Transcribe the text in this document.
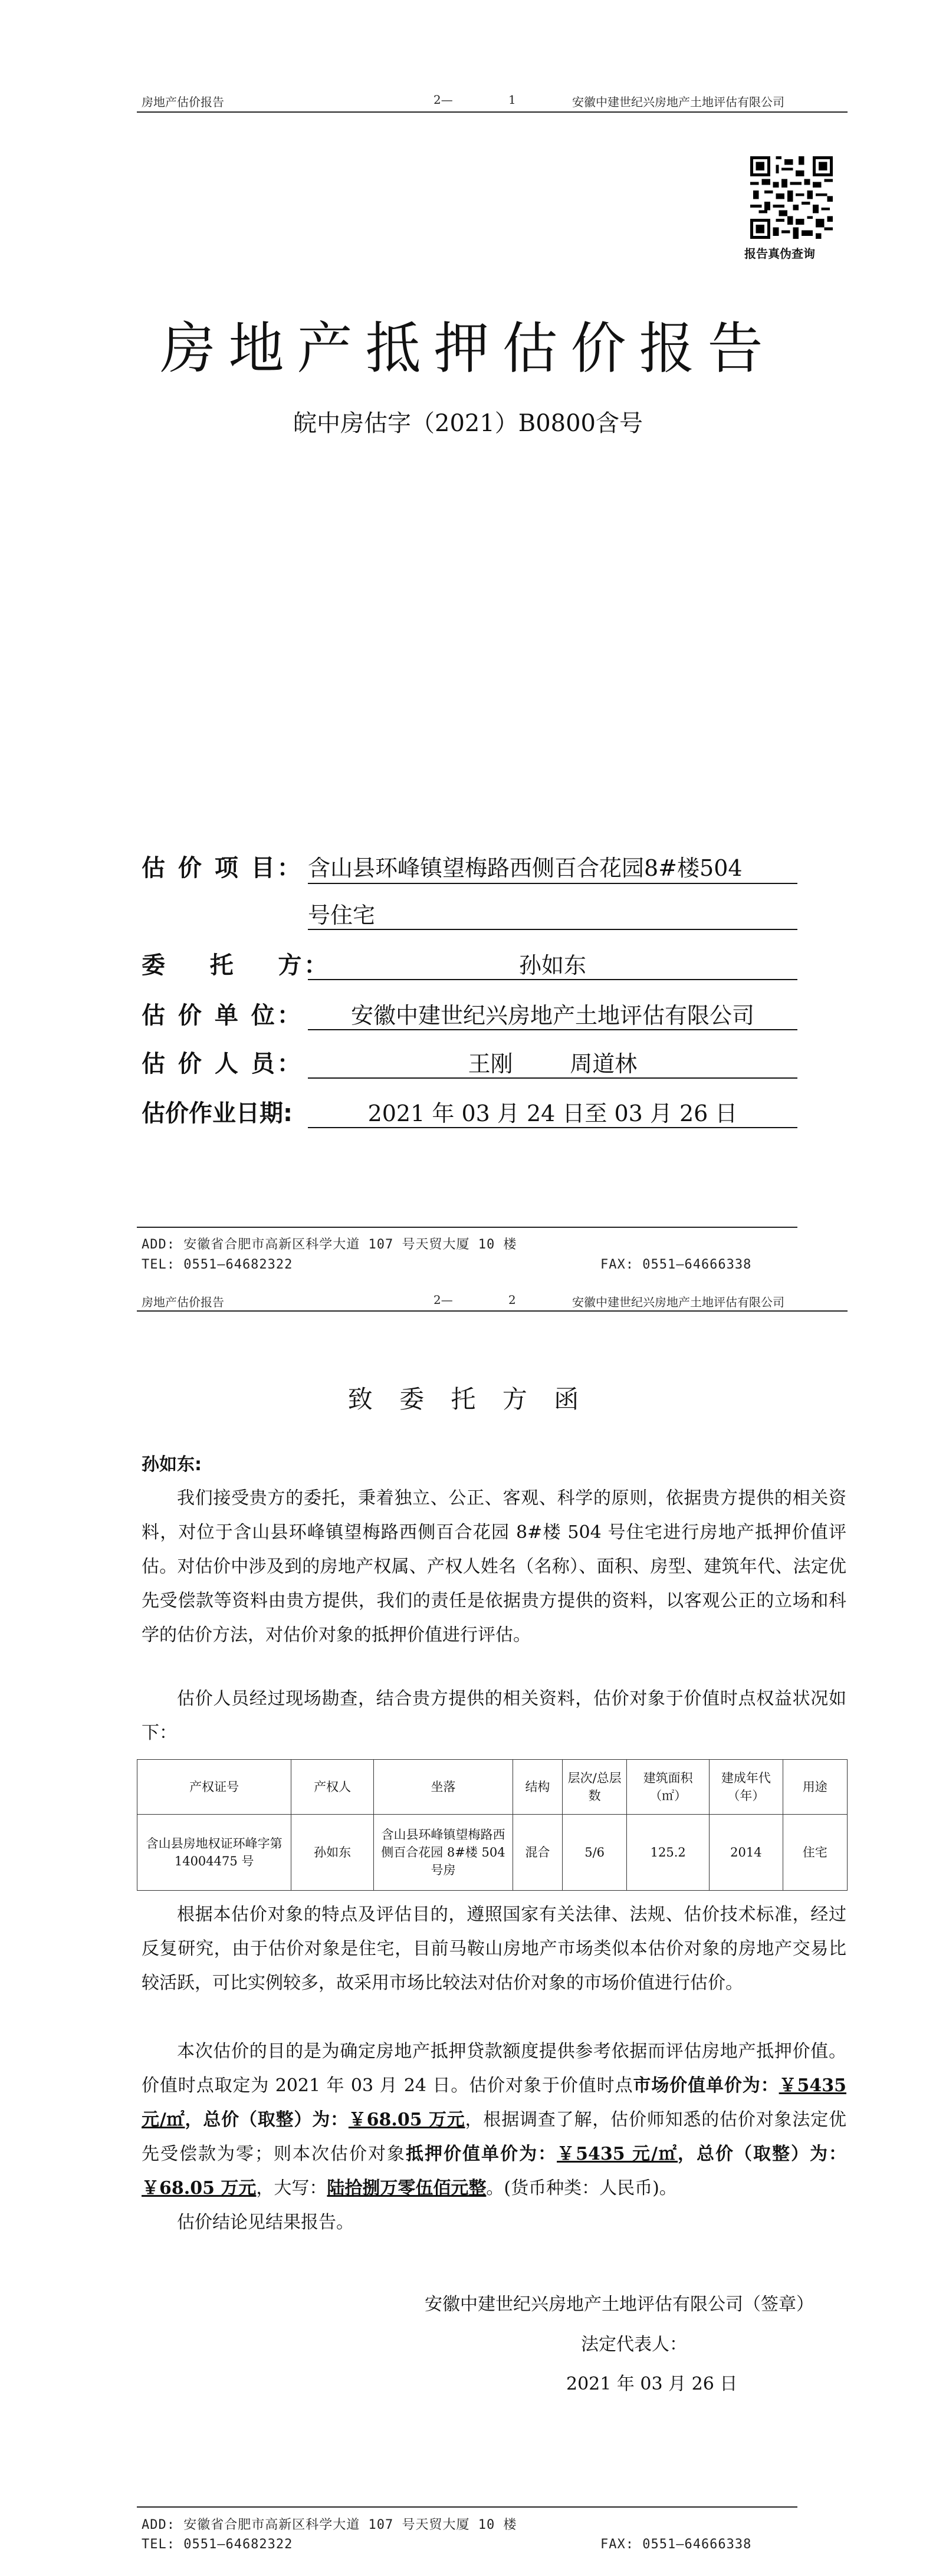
房地产估价报告	2—	1	安徽中建世纪兴房地产土地评估有限公司
报告真伪查询
房地产抵押估价报告
皖中房估字（2021）B0800含号
估 价 项 目： 含山县环峰镇望梅路西侧百合花园8#楼504
号住宅
委    托    方：	孙如东
估 价 单 位：	安徽中建世纪兴房地产土地评估有限公司
估 价 人 员：	王刚        周道林
估价作业日期:	2021 年 03 月 24 日至 03 月 26 日
ADD: 安徽省合肥市高新区科学大道 107 号天贸大厦 10 楼
TEL: 0551—64682322	FAX: 0551—64666338
房地产估价报告	2—	2	安徽中建世纪兴房地产土地评估有限公司
致 委 托 方 函
孙如东:

我们接受贵方的委托，秉着独立、公正、客观、科学的原则，依据贵方提供的相关资料，对位于含山县环峰镇望梅路西侧百合花园 8#楼 504 号住宅进行房地产抵押价值评估。对估价中涉及到的房地产权属、产权人姓名（名称）、面积、房型、建筑年代、法定优先受偿款等资料由贵方提供，我们的责任是依据贵方提供的资料，以客观公正的立场和科学的估价方法，对估价对象的抵押价值进行评估。

估价人员经过现场勘查，结合贵方提供的相关资料，估价对象于价值时点权益状况如下：

产权证号	产权人	坐落	结构	层次/总层数	建筑面积（㎡）	建成年代（年）	用途
含山县房地权证环峰字第 14004475 号	孙如东	含山县环峰镇望梅路西侧百合花园 8#楼 504 号房	混合	5/6	125.2	2014	住宅

根据本估价对象的特点及评估目的，遵照国家有关法律、法规、估价技术标准，经过反复研究，由于估价对象是住宅，目前马鞍山房地产市场类似本估价对象的房地产交易比较活跃，可比实例较多，故采用市场比较法对估价对象的市场价值进行估价。

本次估价的目的是为确定房地产抵押贷款额度提供参考依据而评估房地产抵押价值。价值时点取定为 2021 年 03 月 24 日。估价对象于价值时点市场价值单价为：￥5435 元/㎡，总价（取整）为：￥68.05 万元，根据调查了解，估价师知悉的估价对象法定优先受偿款为零；则本次估价对象抵押价值单价为：￥5435 元/㎡，总价（取整）为：￥68.05 万元，大写：陆拾捌万零伍佰元整。(货币种类：人民币)。

估价结论见结果报告。

安徽中建世纪兴房地产土地评估有限公司（签章）
法定代表人：
2021 年 03 月 26 日
ADD: 安徽省合肥市高新区科学大道 107 号天贸大厦 10 楼
TEL: 0551—64682322	FAX: 0551—64666338
